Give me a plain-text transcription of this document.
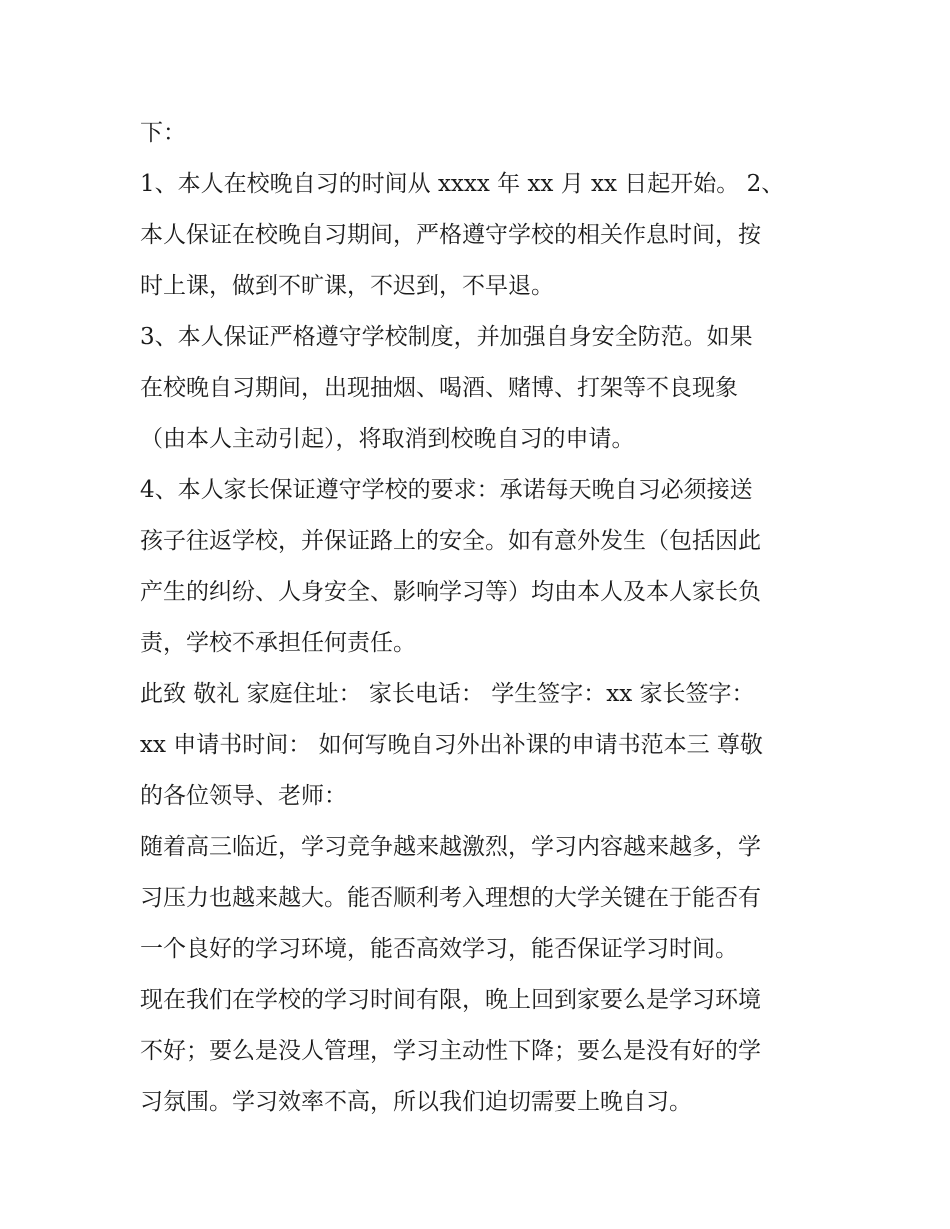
下：
1、本人在校晚自习的时间从 xxxx 年 xx 月 xx 日起开始。 2、
本人保证在校晚自习期间，严格遵守学校的相关作息时间，按
时上课，做到不旷课，不迟到，不早退。
3、本人保证严格遵守学校制度，并加强自身安全防范。如果
在校晚自习期间，出现抽烟、喝酒、赌博、打架等不良现象
（由本人主动引起），将取消到校晚自习的申请。
4、本人家长保证遵守学校的要求：承诺每天晚自习必须接送
孩子往返学校，并保证路上的安全。如有意外发生（包括因此
产生的纠纷、人身安全、影响学习等）均由本人及本人家长负
责，学校不承担任何责任。
此致 敬礼 家庭住址： 家长电话： 学生签字：xx 家长签字：
xx 申请书时间： 如何写晚自习外出补课的申请书范本三 尊敬
的各位领导、老师：
随着高三临近，学习竞争越来越激烈，学习内容越来越多，学
习压力也越来越大。能否顺利考入理想的大学关键在于能否有
一个良好的学习环境，能否高效学习，能否保证学习时间。
现在我们在学校的学习时间有限，晚上回到家要么是学习环境
不好；要么是没人管理，学习主动性下降；要么是没有好的学
习氛围。学习效率不高，所以我们迫切需要上晚自习。
